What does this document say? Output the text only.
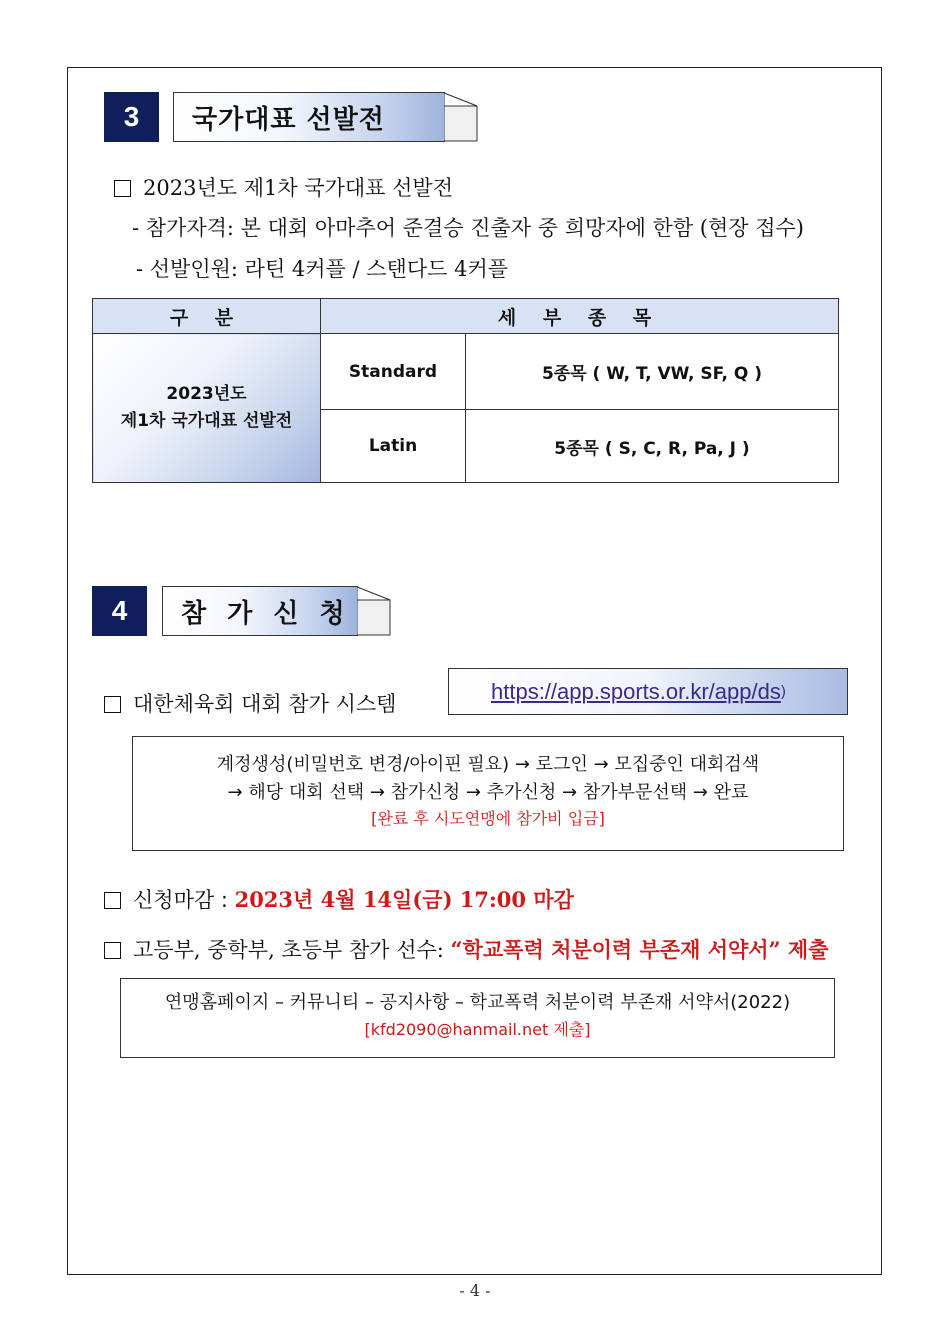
3	국가대표 선발전
2023년도 제1차 국가대표 선발전
- 참가자격: 본 대회 아마추어 준결승 진출자 중 희망자에 한함 (현장 접수)
- 선발인원: 라틴 4커플 / 스탠다드 4커플
구 분	세 부 종 목	

2023년도
제1차 국가대표 선발전	Standard	5종목 ( W, T, VW, SF, Q )
	Latin	5종목 ( S, C, R, Pa, J )
4	참 가 신 청
대한체육회 대회 참가 시스템
https://app.sports.or.kr/app/ds )
계정생성(비밀번호 변경/아이핀 필요) → 로그인 → 모집중인 대회검색
→ 해당 대회 선택 → 참가신청 → 추가신청 → 참가부문선택 → 완료
[완료 후 시도연맹에 참가비 입금]
신청마감 : 2023년 4월 14일(금) 17:00 마감
고등부, 중학부, 초등부 참가 선수: “학교폭력 처분이력 부존재 서약서” 제출
연맹홈페이지 – 커뮤니티 – 공지사항 – 학교폭력 처분이력 부존재 서약서(2022)
[kfd2090@hanmail.net 제출]
- 4 -
